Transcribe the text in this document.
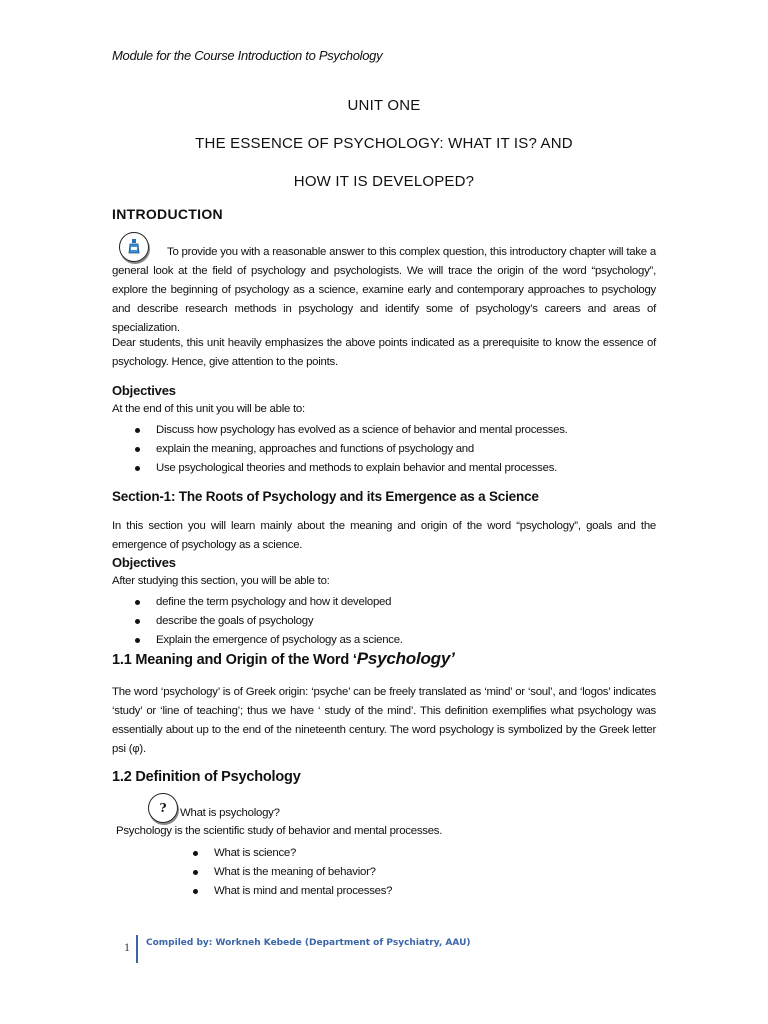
Module for the Course Introduction to Psychology
UNIT ONE
THE ESSENCE OF PSYCHOLOGY: WHAT IT IS? AND
HOW IT IS DEVELOPED?
INTRODUCTION
To provide you with a reasonable answer to this complex question, this introductory chapter will take a general look at the field of psychology and psychologists. We will trace the origin of the word “psychology”, explore the beginning of psychology as a science, examine early and contemporary approaches to psychology and describe research methods in psychology and identify some of psychology’s careers and areas of specialization.
Dear students, this unit heavily emphasizes the above points indicated as a prerequisite to know the essence of psychology. Hence, give attention to the points.
Objectives
At the end of this unit you will be able to:
Discuss how psychology has evolved as a science of behavior and mental processes.
explain the meaning, approaches and functions of psychology and
Use psychological theories and methods to explain behavior and mental processes.
Section-1: The Roots of Psychology and its Emergence as a Science
In this section you will learn mainly about the meaning and origin of the word “psychology”, goals and the emergence of psychology as a science.
Objectives
After studying this section, you will be able to:
define the term psychology and how it developed
describe the goals of psychology
Explain the emergence of psychology as a science.
1.1 Meaning and Origin of the Word ‘Psychology’
The word ‘psychology’ is of Greek origin: ‘psyche’ can be freely translated as ‘mind’ or ‘soul’, and ‘logos’ indicates ‘study’ or ‘line of teaching’; thus we have ‘ study of the mind’. This definition exemplifies what psychology was essentially about up to the end of the nineteenth century. The word psychology is symbolized by the Greek letter psi (φ).
1.2 Definition of Psychology
?	What is psychology?
Psychology is the scientific study of behavior and mental processes.
What is science?
What is the meaning of behavior?
What is mind and mental processes?
1 Compiled by: Workneh Kebede (Department of Psychiatry, AAU)
